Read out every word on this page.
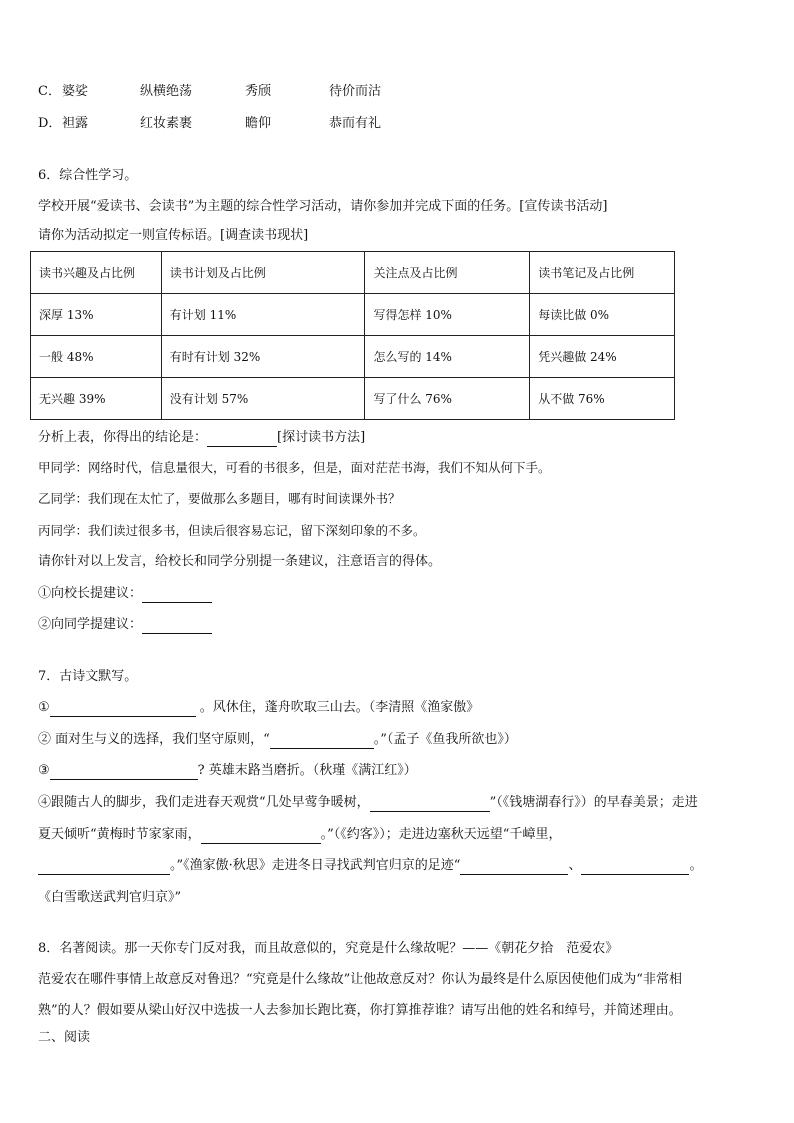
C． 婆娑	纵横绝荡	秀颀	待价而沽
D． 袒露	红妆素裹	瞻仰	恭而有礼
6．综合性学习。
学校开展“爱读书、会读书”为主题的综合性学习活动，请你参加并完成下面的任务。[宣传读书活动]
请你为活动拟定一则宣传标语。[调查读书现状]
读书兴趣及占比例	读书计划及占比例	关注点及占比例	读书笔记及占比例
深厚 13%	有计划 11%	写得怎样 10%	每读比做 0%
一般 48%	有时有计划 32%	怎么写的 14%	凭兴趣做 24%
无兴趣 39%	没有计划 57%	写了什么 76%	从不做 76%
分析上表，你得出的结论是：	[探讨读书方法]
甲同学：网络时代，信息量很大，可看的书很多，但是，面对茫茫书海，我们不知从何下手。
乙同学：我们现在太忙了，要做那么多题目，哪有时间读课外书？
丙同学：我们读过很多书，但读后很容易忘记，留下深刻印象的不多。
请你针对以上发言，给校长和同学分别提一条建议，注意语言的得体。
①向校长提建议：
②向同学提建议：
7．古诗文默写。
①	。风休住，蓬舟吹取三山去。（李清照《渔家傲》
② 面对生与义的选择，我们坚守原则，“	。”（孟子《鱼我所欲也》）
③	? 英雄末路当磨折。（秋瑾《满江红》）
④跟随古人的脚步，我们走进春天观赏“几处早莺争暖树，	”（《钱塘湖春行》）的早春美景；走进
夏天倾听“黄梅时节家家雨，	。”（《约客》）；走进边塞秋天远望“千嶂里，
。”《渔家傲·秋思》走进冬日寻找武判官归京的足迹“	、	。
《白雪歌送武判官归京》”
8．名著阅读。那一天你专门反对我，而且故意似的，究竟是什么缘故呢？——《朝花夕拾　范爱农》
范爱农在哪件事情上故意反对鲁迅？“究竟是什么缘故”让他故意反对？你认为最终是什么原因使他们成为“非常相
熟”的人？假如要从梁山好汉中选拔一人去参加长跑比赛，你打算推荐谁？请写出他的姓名和绰号，并简述理由。
二、阅读
